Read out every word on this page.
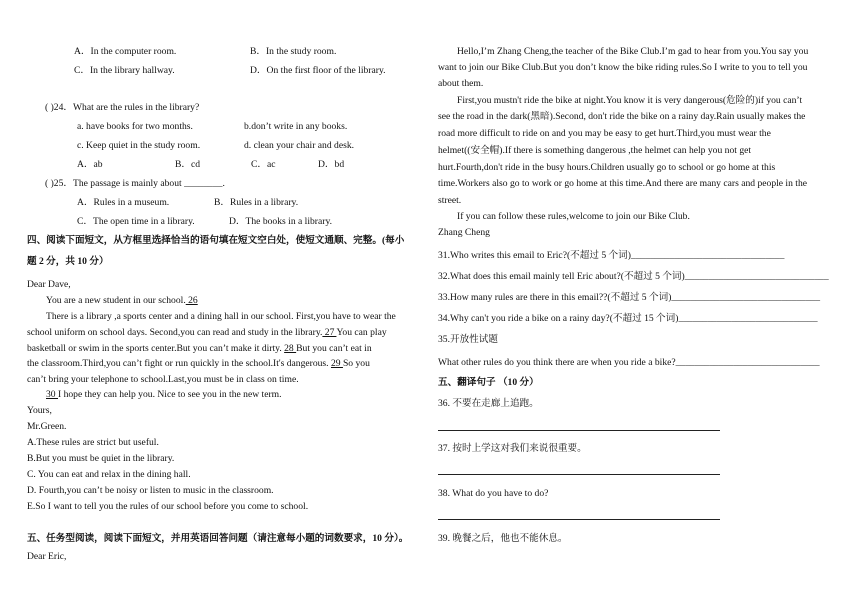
A．In the computer room.	B．In the study room.
C．In the library hallway.	D．On the first floor of the library.
( )24．What are the rules in the library?
a. have books for two months.	b.don’t write in any books.
c. Keep quiet in the study room.	d. clean your chair and desk.
A．ab	B．cd	C．ac	D．bd
( )25．The passage is mainly about ________.
A．Rules in a museum.	B．Rules in a library.
C．The open time in a library.	D．The books in a library.
四、阅读下面短文，从方框里选择恰当的语句填在短文空白处，使短文通顺、完整。(每小
题 2 分，共 10 分）
Dear Dave,
You are a new student in our school. 26
There is a library ,a sports center and a dining hall in our school. First,you have to wear the
school uniform on school days. Second,you can read and study in the library. 27 You can play
basketball or swim in the sports center.But you can’t make it dirty. 28 But you can’t eat in
the classroom.Third,you can’t fight or run quickly in the school.It's dangerous. 29 So you
can’t bring your telephone to school.Last,you must be in class on time.
30 I hope they can help you. Nice to see you in the new term.
Yours,
Mr.Green.
A.These rules are strict but useful.
B.But you must be quiet in the library.
C. You can eat and relax in the dining hall.
D. Fourth,you can’t be noisy or listen to music in the classroom.
E.So I want to tell you the rules of our school before you come to school.
五、任务型阅读，阅读下面短文，并用英语回答问题（请注意每小题的词数要求，10 分）。
Dear Eric,
Hello,I’m Zhang Cheng,the teacher of the Bike Club.I’m gad to hear from you.You say you
want to join our Bike Club.But you don’t know the bike riding rules.So I write to you to tell you
about them.
First,you mustn't ride the bike at night.You know it is very dangerous(危险的)if you can’t
see the road in the dark(黑暗).Second, don't ride the bike on a rainy day.Rain usually makes the
road more difficult to ride on and you may be easy to get hurt.Third,you must wear the
helmet((安全帽).If there is something dangerous ,the helmet can help you not get
hurt.Fourth,don't ride in the busy hours.Children usually go to school or go home at this
time.Workers also go to work or go home at this time.And there are many cars and people in the
street.
If you can follow these rules,welcome to join our Bike Club.
Zhang Cheng
31.Who writes this email to Eric?(不超过 5 个词)________________________________
32.What does this email mainly tell Eric about?(不超过 5 个词)______________________________
33.How many rules are there in this email??(不超过 5 个词)_______________________________
34.Why can't you ride a bike on a rainy day?(不超过 15 个词)_____________________________
35.开放性试题
What other rules do you think there are when you ride a bike?______________________________
五、翻译句子 （10 分）
36. 不要在走廊上追跑。
37. 按时上学这对我们来说很重要。
38. What do you have to do?
39. 晚餐之后，他也不能休息。
